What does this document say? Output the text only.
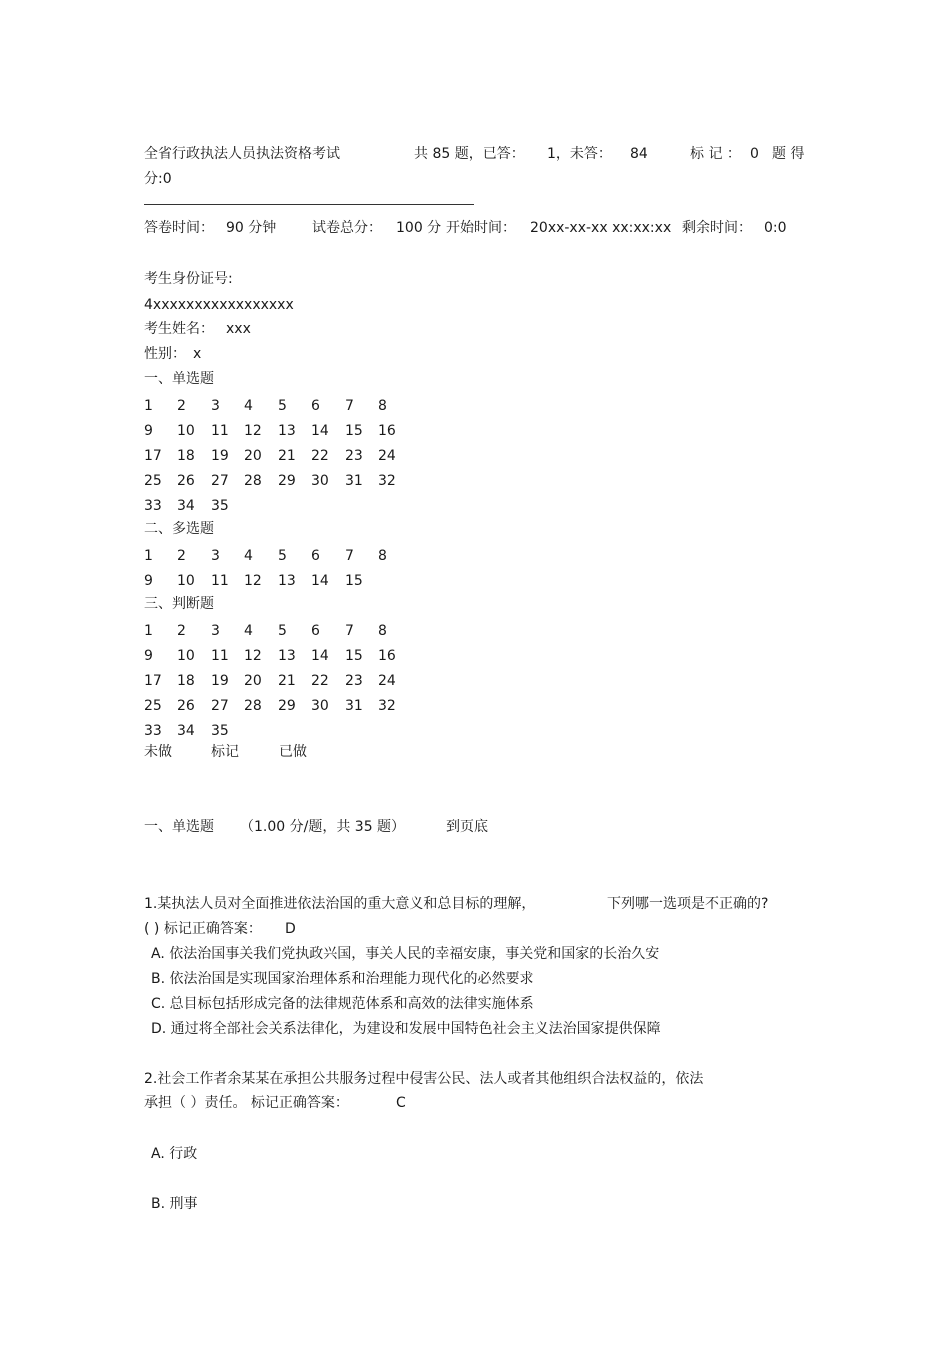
全省行政执法人员执法资格考试	共 85 题，已答： 1，未答： 84	标 记 ： 0 题 得
分:0
答卷时间： 90 分钟	试卷总分： 100 分 开始时间： 20xx-xx-xx xx:xx:xx 剩余时间： 0:0
考生身份证号:
4xxxxxxxxxxxxxxxxx
考生姓名： xxx
性别： x
一、单选题
1	2	3	4	5	6	7	8
9	10	11	12	13	14	15	16
17	18	19	20	21	22	23	24
25	26	27	28	29	30	31	32
33	34	35
二、多选题
1	2	3	4	5	6	7	8
9	10	11	12	13	14	15
三、判断题
1	2	3	4	5	6	7	8
9	10	11	12	13	14	15	16
17	18	19	20	21	22	23	24
25	26	27	28	29	30	31	32
33	34	35
未做	标记	已做
一、单选题 （1.00 分/题，共 35 题）	到页底
1.某执法人员对全面推进依法治国的重大意义和总目标的理解，	下列哪一选项是不正确的?
( ) 标记正确答案： D
A. 依法治国事关我们党执政兴国，事关人民的幸福安康，事关党和国家的长治久安
B. 依法治国是实现国家治理体系和治理能力现代化的必然要求
C. 总目标包括形成完备的法律规范体系和高效的法律实施体系
D. 通过将全部社会关系法律化，为建设和发展中国特色社会主义法治国家提供保障
2.社会工作者余某某在承担公共服务过程中侵害公民、法人或者其他组织合法权益的，依法
承担（ ）责任。 标记正确答案：	C
A. 行政
B. 刑事
